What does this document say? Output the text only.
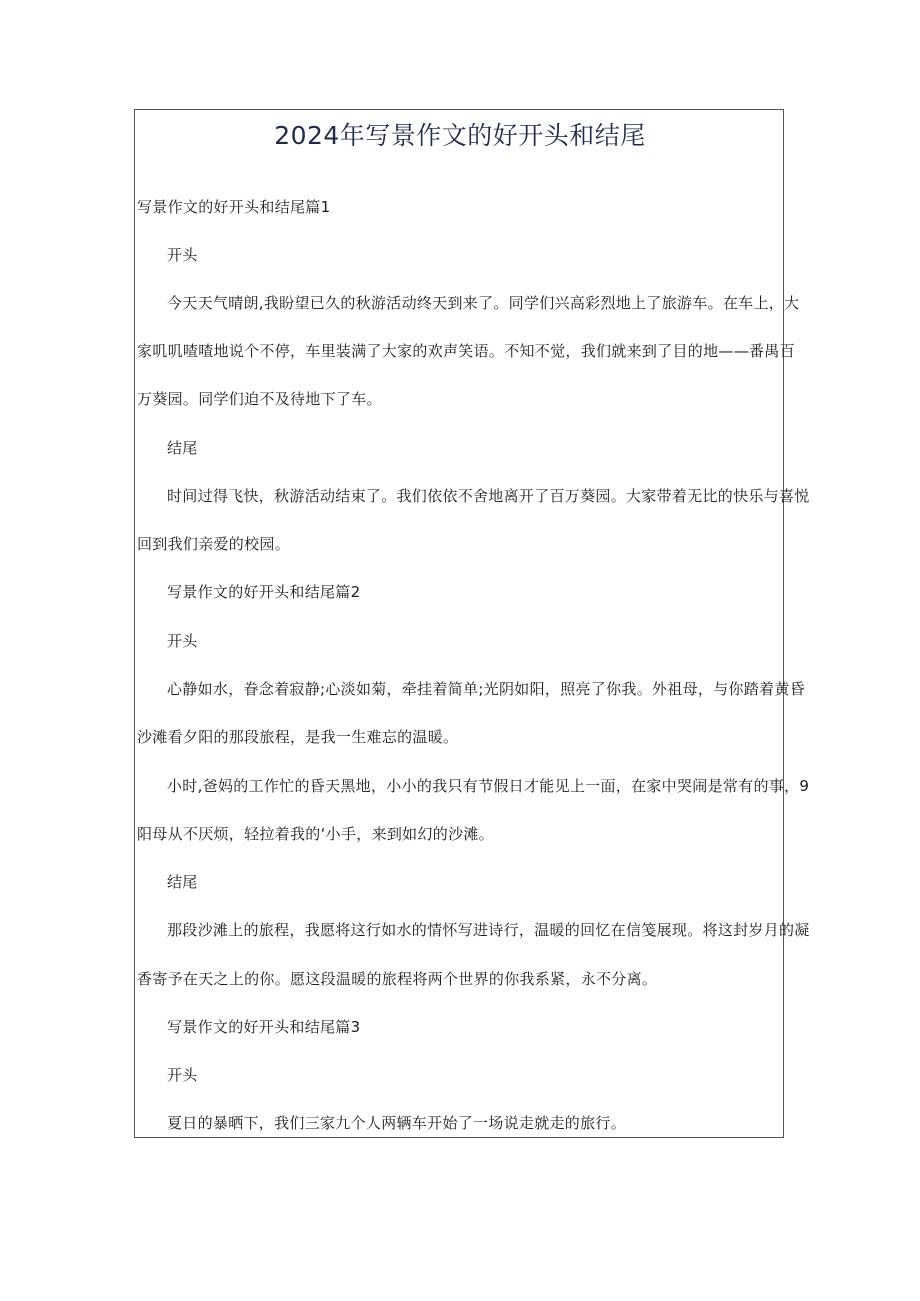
2024年写景作文的好开头和结尾
写景作文的好开头和结尾篇1
开头
今天天气晴朗,我盼望已久的秋游活动终天到来了。同学们兴高彩烈地上了旅游车。在车上，大
家叽叽喳喳地说个不停，车里装满了大家的欢声笑语。不知不觉，我们就来到了目的地——番禺百
万葵园。同学们迫不及待地下了车。
结尾
时间过得飞快，秋游活动结束了。我们依依不舍地离开了百万葵园。大家带着无比的快乐与喜悦
回到我们亲爱的校园。
写景作文的好开头和结尾篇2
开头
心静如水，眷念着寂静;心淡如菊，牵挂着简单;光阴如阳，照亮了你我。外祖母，与你踏着黄昏
沙滩看夕阳的那段旅程，是我一生难忘的温暖。
小时,爸妈的工作忙的昏天黑地，小小的我只有节假日才能见上一面，在家中哭闹是常有的事，9
阳母从不厌烦，轻拉着我的‘小手，来到如幻的沙滩。
结尾
那段沙滩上的旅程，我愿将这行如水的情怀写进诗行，温暖的回忆在信笺展现。将这封岁月的凝
香寄予在天之上的你。愿这段温暖的旅程将两个世界的你我系紧，永不分离。
写景作文的好开头和结尾篇3
开头
夏日的暴晒下，我们三家九个人两辆车开始了一场说走就走的旅行。
